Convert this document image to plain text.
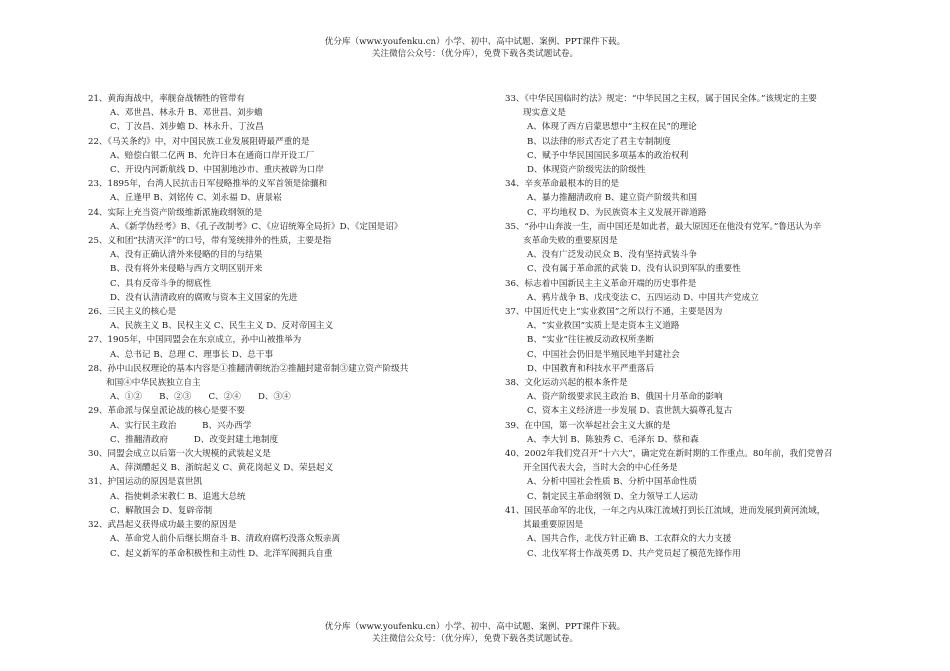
优分库（www.youfenku.cn）小学、初中、高中试题、案例、PPT课件下载。
关注微信公众号：（优分库），免费下载各类试题试卷。
21、黄海海战中，率舰奋战牺牲的管带有
A、邓世昌、林永升 B、邓世昌、刘步蟾
C、丁汝昌、刘步蟾 D、林永升、丁汝昌
22、《马关条约》中，对中国民族工业发展阻碍最严重的是
A、赔偿白银二亿两 B、允许日本在通商口岸开设工厂
C、开设内河新航线 D、中国割地沙市、重庆被辟为口岸
23、1895年，台湾人民抗击日军侵略推举的义军首领是徐骧和
A、丘逢甲 B、刘铭传 C、刘永福 D、唐景崧
24、实际上充当资产阶级维新派施政纲领的是
A、《新学伪经考》B、《孔子改制考》C、《应诏统筹全局折》D、《定国是诏》
25、义和团“扶清灭洋”的口号，带有笼统排外的性质，主要是指
A、没有正确认清外来侵略的目的与结果
B、没有将外来侵略与西方文明区别开来
C、具有反帝斗争的彻底性
D、没有认清清政府的腐败与资本主义国家的先进
26、三民主义的核心是
A、民族主义 B、民权主义 C、民生主义 D、反对帝国主义
27、1905年，中国同盟会在东京成立，孙中山被推举为
A、总书记 B、总理 C、理事长 D、总干事
28、孙中山民权理论的基本内容是①推翻清朝统治②推翻封建帝制③建立资产阶级共
和国④中华民族独立自主
A、①②　　B、②③　　C、②④　　D、③④
29、革命派与保皇派论战的核心是要不要
A、实行民主政治　　　B、兴办西学
C、推翻清政府　　　D、改变封建土地制度
30、同盟会成立以后第一次大规模的武装起义是
A、萍浏醴起义 B、浙皖起义 C、黄花岗起义 D、荣县起义
31、护国运动的原因是袁世凯
A、指使刺杀宋教仁 B、追逃大总统
C、解散国会 D、复辟帝制
32、武昌起义获得成功最主要的原因是
A、革命党人前仆后继长期奋斗 B、清政府腐朽没落众叛亲离
C、起义新军的革命积极性和主动性 D、北洋军阀拥兵自重
33、《中华民国临时约法》规定：“中华民国之主权，属于国民全体。”该规定的主要
现实意义是
A、体现了西方启蒙思想中“主权在民”的理论
B、以法律的形式否定了君主专制制度
C、赋予中华民国国民多项基本的政治权利
D、体现资产阶级宪法的阶级性
34、辛亥革命最根本的目的是
A、暴力推翻清政府 B、建立资产阶级共和国
C、平均地权 D、为民族资本主义发展开辟道路
35、“孙中山奔波一生，而中国还是如此者，最大原因还在他没有党军。”鲁迅认为辛
亥革命失败的重要原因是
A、没有广泛发动民众 B、没有坚持武装斗争
C、没有属于革命派的武装 D、没有认识到军队的重要性
36、标志着中国新民主主义革命开端的历史事件是
A、鸦片战争 B、戊戌变法 C、五四运动 D、中国共产党成立
37、中国近代史上“实业救国”之所以行不通，主要是因为
A、“实业救国”实质上是走资本主义道路
B、“实业”往往被反动政权所垄断
C、中国社会仍旧是半殖民地半封建社会
D、中国教育和科技水平严重落后
38、文化运动兴起的根本条件是
A、资产阶级要求民主政治 B、俄国十月革命的影响
C、资本主义经济进一步发展 D、袁世凯大搞尊孔复古
39、在中国，第一次举起社会主义大旗的是
A、李大钊 B、陈独秀 C、毛泽东 D、蔡和森
40、2002年我们党召开“十六大”，确定党在新时期的工作重点。80年前，我们党曾召
开全国代表大会，当时大会的中心任务是
A、分析中国社会性质 B、分析中国革命性质
C、制定民主革命纲领 D、全力领导工人运动
41、国民革命军的北伐，一年之内从珠江流域打到长江流域，进而发展到黄河流域，
其最重要原因是
A、国共合作，北伐方针正确 B、工农群众的大力支援
C、北伐军将士作战英勇 D、共产党员起了模范先锋作用
优分库（www.youfenku.cn）小学、初中、高中试题、案例、PPT课件下载。
关注微信公众号：（优分库），免费下载各类试题试卷。
